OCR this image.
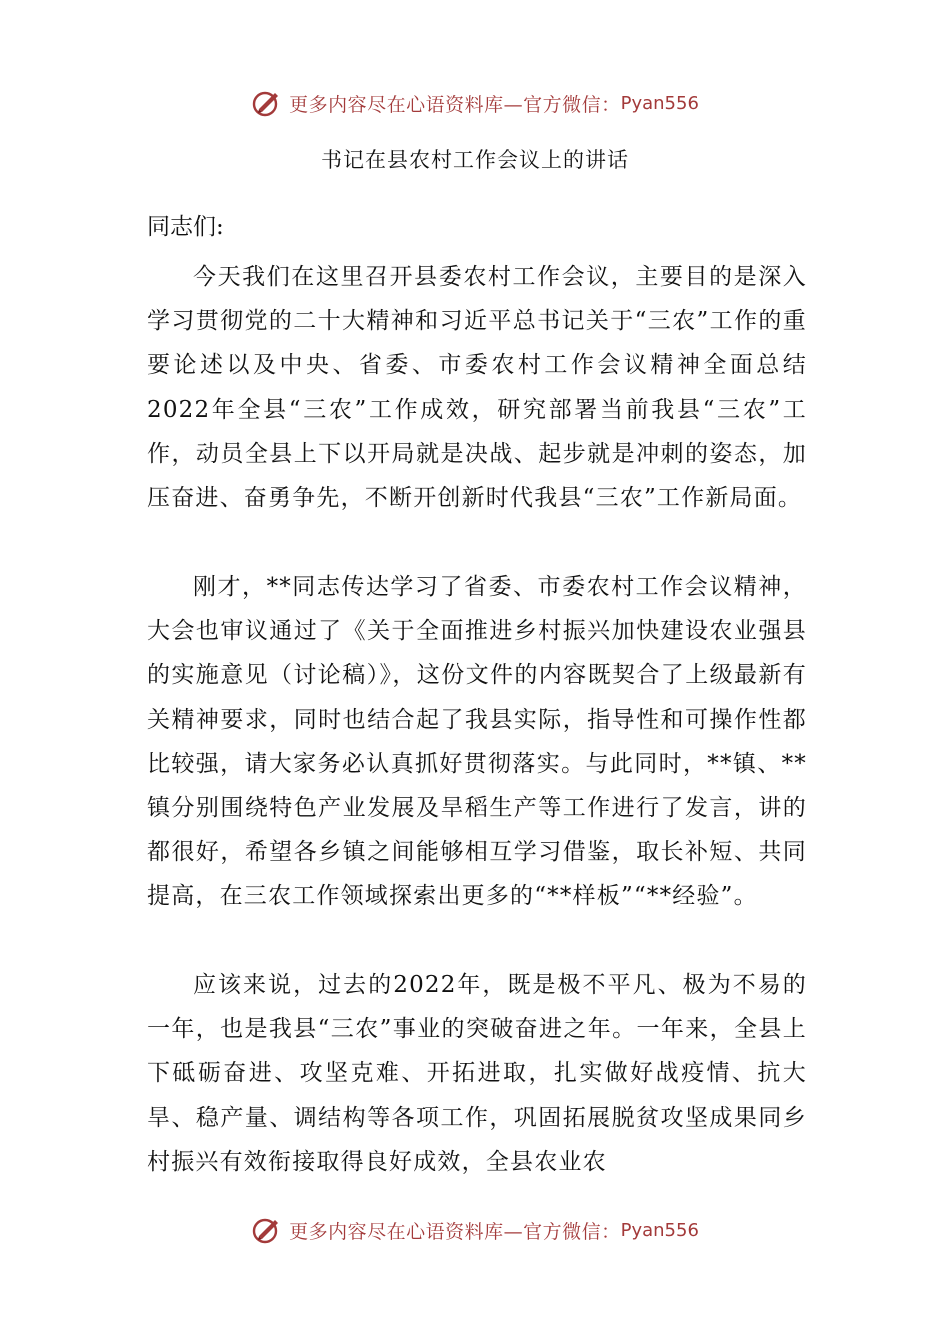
更多内容尽在心语资料库—官方微信： Pyan556
书记在县农村工作会议上的讲话

同志们:

今天我们在这里召开县委农村工作会议，主要目的是深入学习贯彻党的二十大精神和习近平总书记关于“三农”工作的重要论述以及中央、省委、市委农村工作会议精神全面总结2022年全县“三农”工作成效，研究部署当前我县“三农”工作，动员全县上下以开局就是决战、起步就是冲刺的姿态，加压奋进、奋勇争先，不断开创新时代我县“三农”工作新局面。

刚才，**同志传达学习了省委、市委农村工作会议精神，大会也审议通过了《关于全面推进乡村振兴加快建设农业强县的实施意见（讨论稿）》，这份文件的内容既契合了上级最新有关精神要求，同时也结合起了我县实际，指导性和可操作性都比较强，请大家务必认真抓好贯彻落实。与此同时，**镇、**镇分别围绕特色产业发展及旱稻生产等工作进行了发言，讲的都很好，希望各乡镇之间能够相互学习借鉴，取长补短、共同提高，在三农工作领域探索出更多的“**样板”“**经验”。

应该来说，过去的2022年，既是极不平凡、极为不易的一年，也是我县“三农”事业的突破奋进之年。一年来，全县上下砥砺奋进、攻坚克难、开拓进取，扎实做好战疫情、抗大旱、稳产量、调结构等各项工作，巩固拓展脱贫攻坚成果同乡村振兴有效衔接取得良好成效，全县农业农

更多内容尽在心语资料库—官方微信： Pyan556
